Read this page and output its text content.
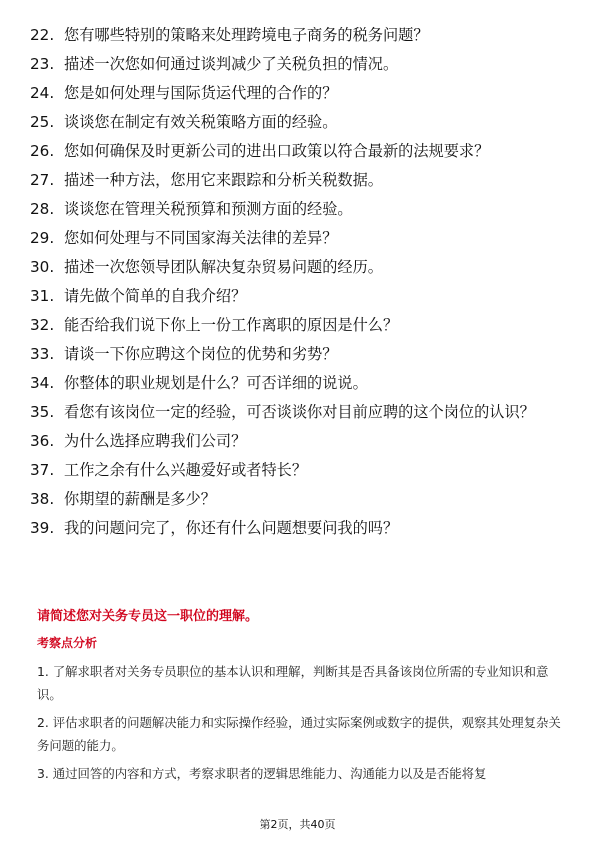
22. 您有哪些特别的策略来处理跨境电子商务的税务问题？
23. 描述一次您如何通过谈判减少了关税负担的情况。
24. 您是如何处理与国际货运代理的合作的？
25. 谈谈您在制定有效关税策略方面的经验。
26. 您如何确保及时更新公司的进出口政策以符合最新的法规要求？
27. 描述一种方法，您用它来跟踪和分析关税数据。
28. 谈谈您在管理关税预算和预测方面的经验。
29. 您如何处理与不同国家海关法律的差异？
30. 描述一次您领导团队解决复杂贸易问题的经历。
31. 请先做个简单的自我介绍？
32. 能否给我们说下你上一份工作离职的原因是什么？
33. 请谈一下你应聘这个岗位的优势和劣势？
34. 你整体的职业规划是什么？可否详细的说说。
35. 看您有该岗位一定的经验，可否谈谈你对目前应聘的这个岗位的认识？
36. 为什么选择应聘我们公司？
37. 工作之余有什么兴趣爱好或者特长？
38. 你期望的薪酬是多少？
39. 我的问题问完了，你还有什么问题想要问我的吗？
请简述您对关务专员这一职位的理解。
考察点分析

1. 了解求职者对关务专员职位的基本认识和理解，判断其是否具备该岗位所需的专业知识和意识。

2. 评估求职者的问题解决能力和实际操作经验，通过实际案例或数字的提供，观察其处理复杂关务问题的能力。

3. 通过回答的内容和方式，考察求职者的逻辑思维能力、沟通能力以及是否能将复

第2页，共40页
